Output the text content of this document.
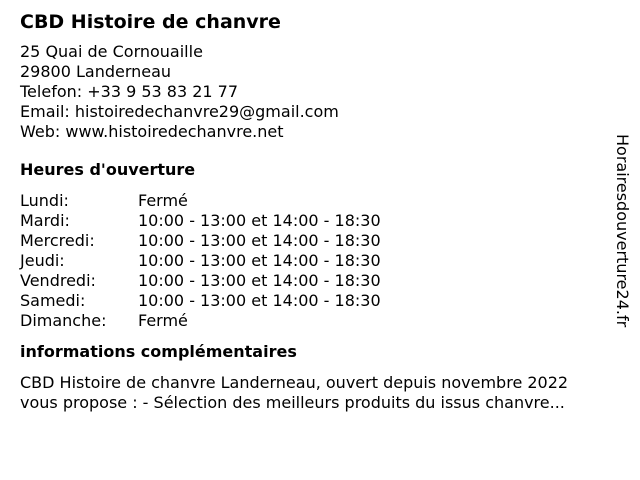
CBD Histoire de chanvre
25 Quai de Cornouaille
29800 Landerneau
Telefon: +33 9 53 83 21 77
Email: histoiredechanvre29@gmail.com
Web: www.histoiredechanvre.net
Heures d'ouverture
Lundi:	Fermé
Mardi:	10:00 - 13:00 et 14:00 - 18:30
Mercredi:	10:00 - 13:00 et 14:00 - 18:30
Jeudi:	10:00 - 13:00 et 14:00 - 18:30
Vendredi:	10:00 - 13:00 et 14:00 - 18:30
Samedi:	10:00 - 13:00 et 14:00 - 18:30
Dimanche:	Fermé
informations complémentaires
CBD Histoire de chanvre Landerneau, ouvert depuis novembre 2022
vous propose : - Sélection des meilleurs produits du issus chanvre...
Horairesdouverture24.fr
